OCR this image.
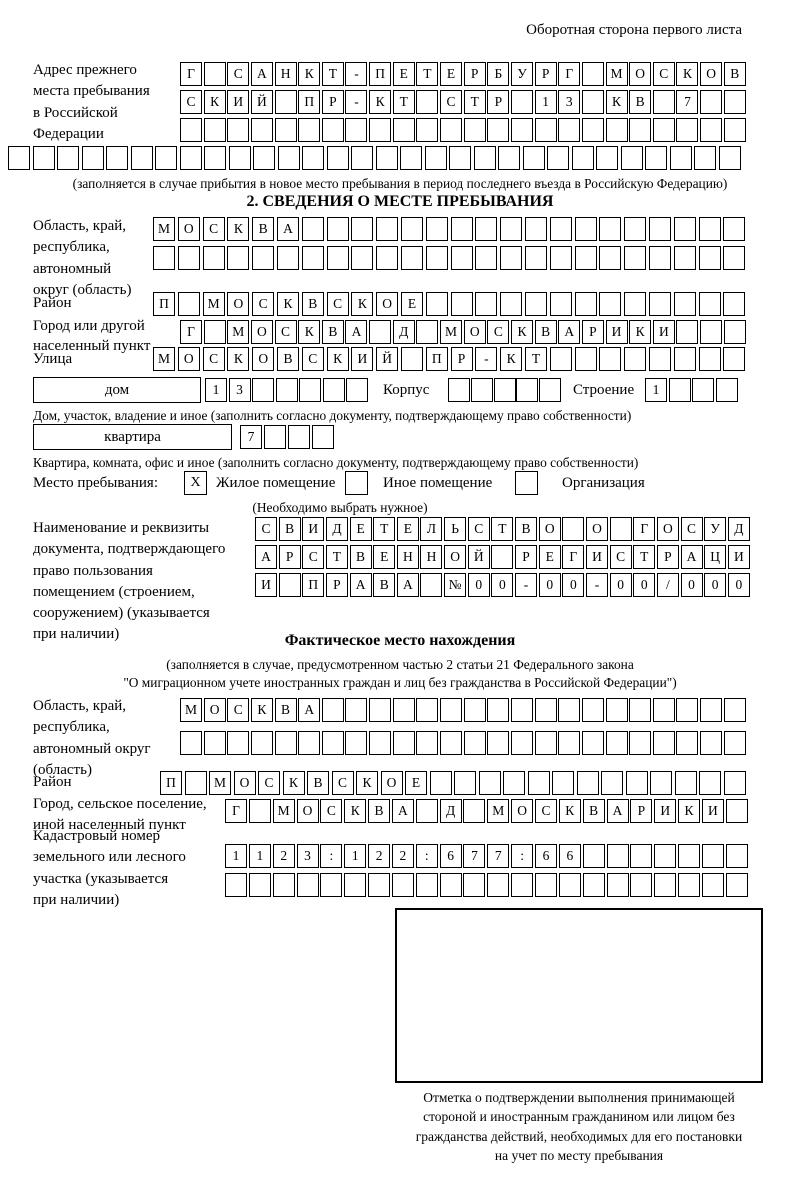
Оборотная сторона первого листа
Адрес прежнего
места пребывания
в Российской
Федерации
Г	С	А	Н	К	Т	-	П	Е	Т	Е	Р	Б	У	Р	Г	М О	С	К	О	В
С	К	И	Й	П	Р	-	К	Т	С	Т	Р	1	3	К	В	7
(заполняется в случае прибытия в новое место пребывания в период последнего въезда в Российскую Федерацию)
2. СВЕДЕНИЯ О МЕСТЕ ПРЕБЫВАНИЯ
Область, край,
республика,
автономный
округ (область)
М	О	С	К	В	А
Район	П	М	О	С	К	В	С	К	О	Е
Город или другой
населенный пункт
Г	М О	С	К	В	А	Д	М О	С	К	В	А	Р	И	К	И
Улица	М	О	С	К	О	В	С	К	И	Й	П	Р	-	К	Т
дом	1	3	Корпус	Строение	1
Дом, участок, владение и иное (заполнить согласно документу, подтверждающему право собственности)
квартира	7
Квартира, комната, офис и иное (заполнить согласно документу, подтверждающему право собственности)
Место пребывания:	X	Жилое помещение	Иное помещение	Организация
(Необходимо выбрать нужное)
Наименование и реквизиты
документа, подтверждающего
право пользования
помещением (строением,
сооружением) (указывается
при наличии)
С	В	И	Д	Е	Т	Е	Л	Ь	С	Т	В	О	О	Г	О	С	У	Д
А	Р	С	Т	В	Е	Н	Н	О	Й	Р	Е	Г	И	С	Т	Р	А	Ц	И
И	П	Р	А	В	А	№	0	0	-	0	0	-	0	0	/	0	0	0
Фактическое место нахождения
(заполняется в случае, предусмотренном частью 2 статьи 21 Федерального закона
"О миграционном учете иностранных граждан и лиц без гражданства в Российской Федерации")
Область, край,
республика,
автономный округ
(область)
М О	С	К	В	А
Район	П	М	О	С	К	В	С	К	О	Е
Город, сельское поселение,
иной населенный пункт
Г	М О	С	К	В	А	Д	М О	С	К	В	А	Р	И	К	И
Кадастровый номер
земельного или лесного
участка (указывается
при наличии)
1	1	2	3	:	1	2	2	:	6	7	7	:	6	6
Отметка о подтверждении выполнения принимающей
стороной и иностранным гражданином или лицом без
гражданства действий, необходимых для его постановки
на учет по месту пребывания
